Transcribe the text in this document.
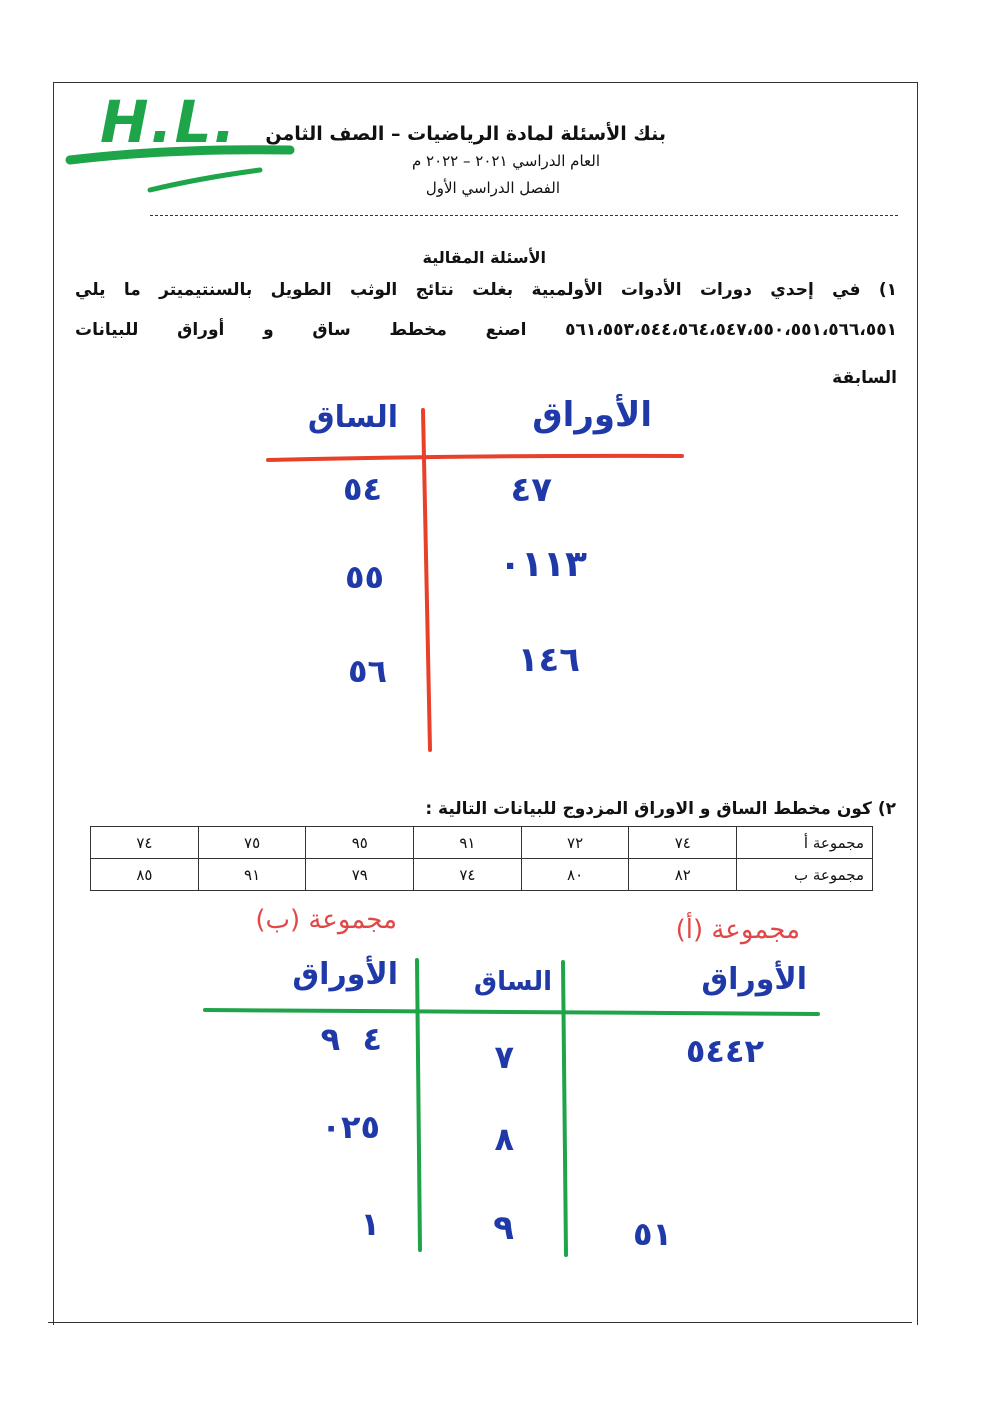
H.L. بنك الأسئلة لمادة الرياضيات – الصف الثامن
العام الدراسي ٢٠٢١ – ٢٠٢٢ م
الفصل الدراسي الأول
الأسئلة المقالية
١) في إحدي دورات الأدوات الأولمبية بغلت نتائج الوثب الطويل بالسنتيميتر ما يلي
٥٦١،٥٥٣،٥٤٤،٥٦٤،٥٤٧،٥٥٠،٥٥١،٥٦٦،٥٥١ اصنع مخطط ساق و أوراق للبيانات
السابقة
الساق	الأوراق
٥٤	٤٧
٥٥	٠١١٣
٥٦	١٤٦
٢) كون مخطط الساق و الاوراق المزدوج للبيانات التالية :
مجموعة أ	٧٤	٧٢	٩١	٩٥	٧٥	٧٤
مجموعة ب	٨٢	٨٠	٧٤	٧٩	٩١	٨٥
مجموعة (ب)	مجموعة (أ)
الأوراق	الساق	الأوراق
٤  ٩	٧	٥٤٤٢
٠٢٥	٨
١	٩	٥١
